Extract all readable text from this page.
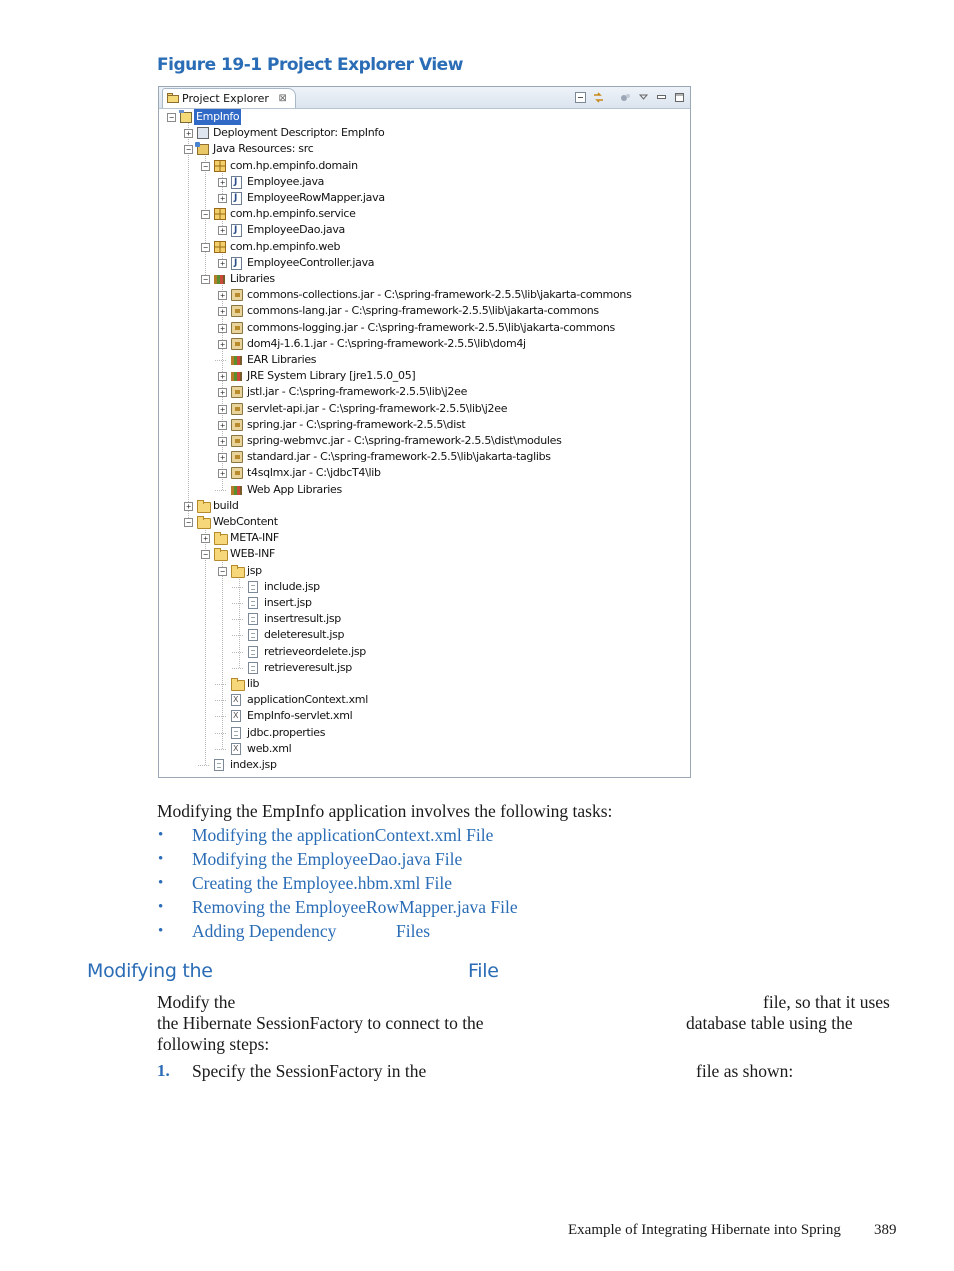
Figure 19-1 Project Explorer View
Project Explorer ⊠
− EmpInfo
+ Deployment Descriptor: EmpInfo
− Java Resources: src
− com.hp.empinfo.domain
+ J Employee.java
+ J EmployeeRowMapper.java
− com.hp.empinfo.service
+ J EmployeeDao.java
− com.hp.empinfo.web
+ J EmployeeController.java
− Libraries
+ commons-collections.jar - C:\spring-framework-2.5.5\lib\jakarta-commons
+ commons-lang.jar - C:\spring-framework-2.5.5\lib\jakarta-commons
+ commons-logging.jar - C:\spring-framework-2.5.5\lib\jakarta-commons
+ dom4j-1.6.1.jar - C:\spring-framework-2.5.5\lib\dom4j
EAR Libraries
+ JRE System Library [jre1.5.0_05]
+ jstl.jar - C:\spring-framework-2.5.5\lib\j2ee
+ servlet-api.jar - C:\spring-framework-2.5.5\lib\j2ee
+ spring.jar - C:\spring-framework-2.5.5\dist
+ spring-webmvc.jar - C:\spring-framework-2.5.5\dist\modules
+ standard.jar - C:\spring-framework-2.5.5\lib\jakarta-taglibs
+ t4sqlmx.jar - C:\jdbcT4\lib
Web App Libraries
+ build
− WebContent
+ META-INF
− WEB-INF
− jsp
include.jsp
insert.jsp
insertresult.jsp
deleteresult.jsp
retrieveordelete.jsp
retrieveresult.jsp
lib
X
applicationContext.xml
X
EmpInfo-servlet.xml
jdbc.properties
X
web.xml
index.jsp
Modifying the EmpInfo application involves the following tasks:
• Modifying the applicationContext.xml File
• Modifying the EmployeeDao.java File
• Creating the Employee.hbm.xml File
• Removing the EmployeeRowMapper.java File
• Adding Dependency	Files
Modifying the	File
Modify the	file, so that it uses
the Hibernate SessionFactory to connect to the	database table using the
following steps:
1. Specify the SessionFactory in the	file as shown:
Example of Integrating Hibernate into Spring 389
